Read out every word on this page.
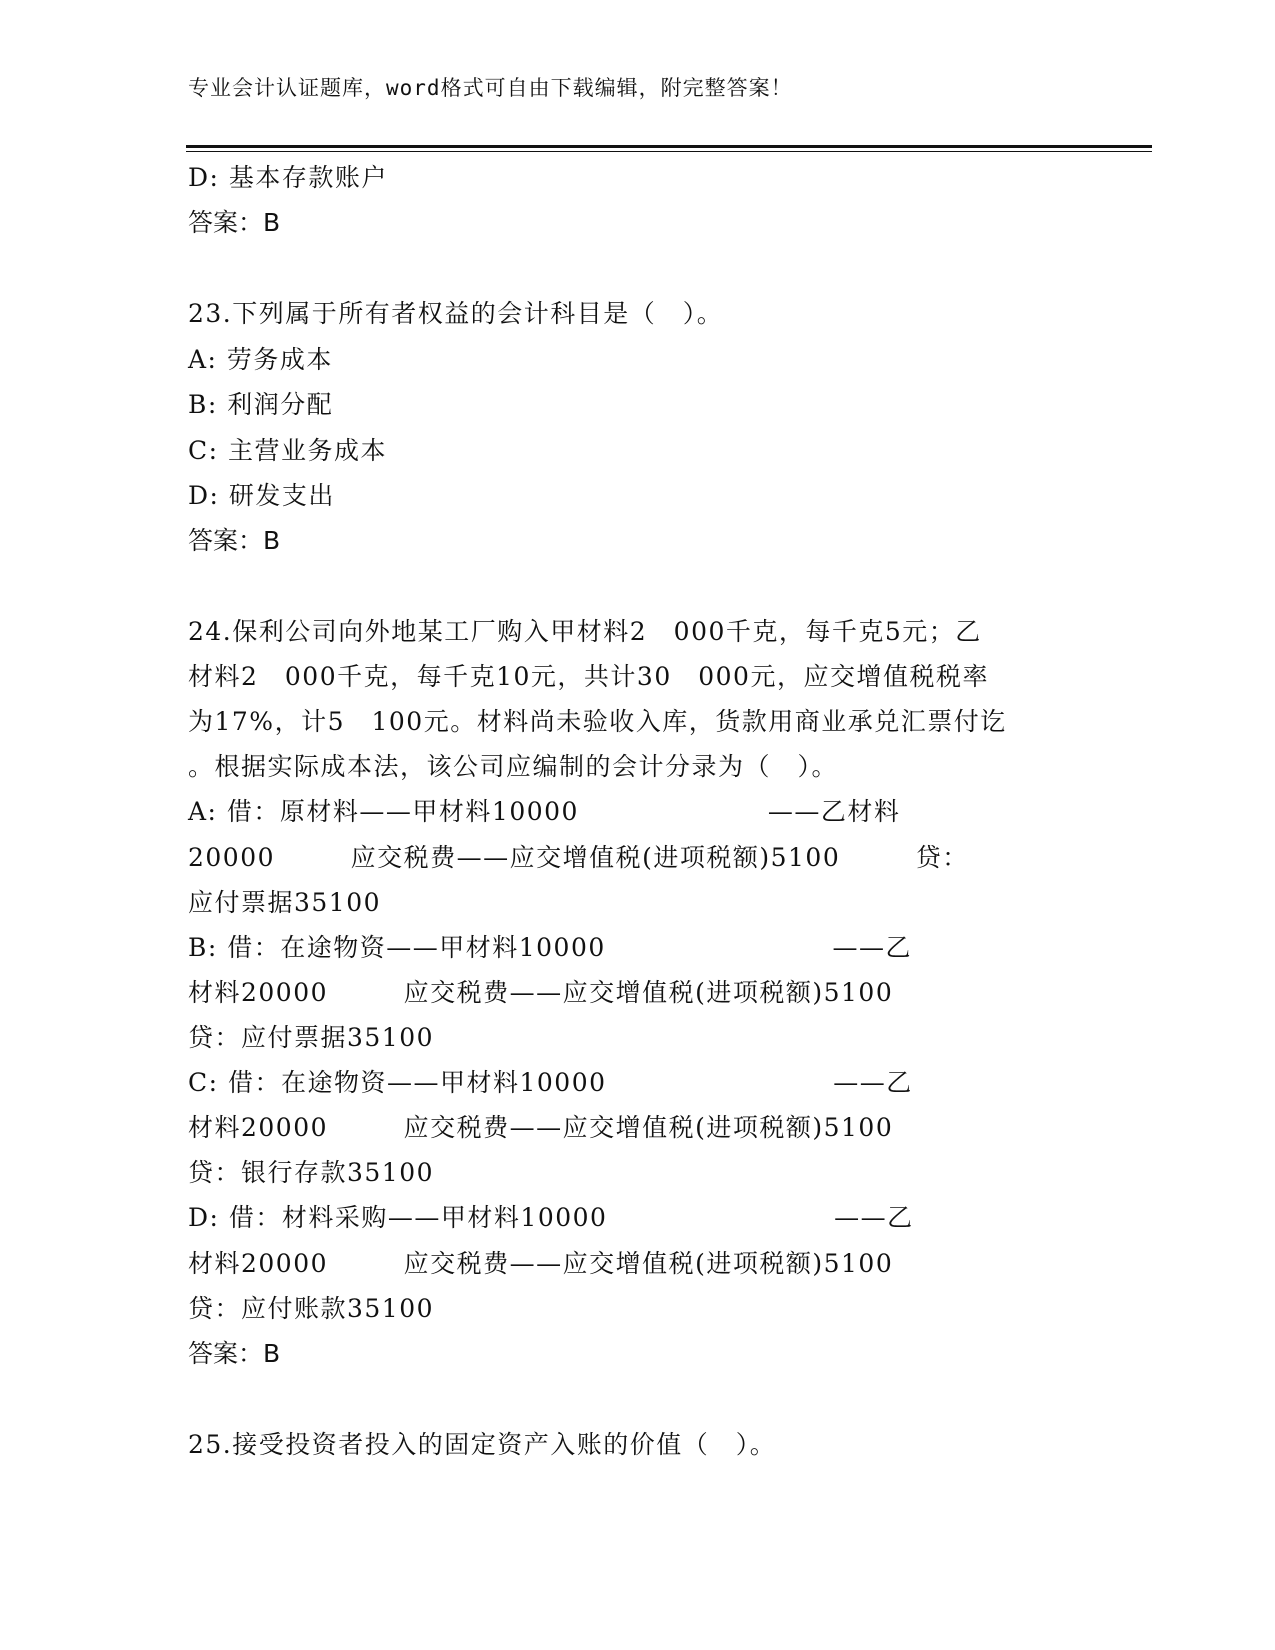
专业会计认证题库，word格式可自由下载编辑，附完整答案！
D: 基本存款账户
答案：B
23.下列属于所有者权益的会计科目是（　）。
A: 劳务成本
B: 利润分配
C: 主营业务成本
D: 研发支出
答案：B
24.保利公司向外地某工厂购入甲材料2　000千克，每千克5元；乙
材料2　000千克，每千克10元，共计30　000元，应交增值税税率
为17%，计5　100元。材料尚未验收入库，货款用商业承兑汇票付讫
。根据实际成本法，该公司应编制的会计分录为（　）。
A: 借：原材料——甲材料10000                    ——乙材料
20000        应交税费——应交增值税(进项税额)5100        贷：
应付票据35100
B: 借：在途物资——甲材料10000                        ——乙
材料20000        应交税费——应交增值税(进项税额)5100
贷：应付票据35100
C: 借：在途物资——甲材料10000                        ——乙
材料20000        应交税费——应交增值税(进项税额)5100
贷：银行存款35100
D: 借：材料采购——甲材料10000                        ——乙
材料20000        应交税费——应交增值税(进项税额)5100
贷：应付账款35100
答案：B
25.接受投资者投入的固定资产入账的价值（　）。
